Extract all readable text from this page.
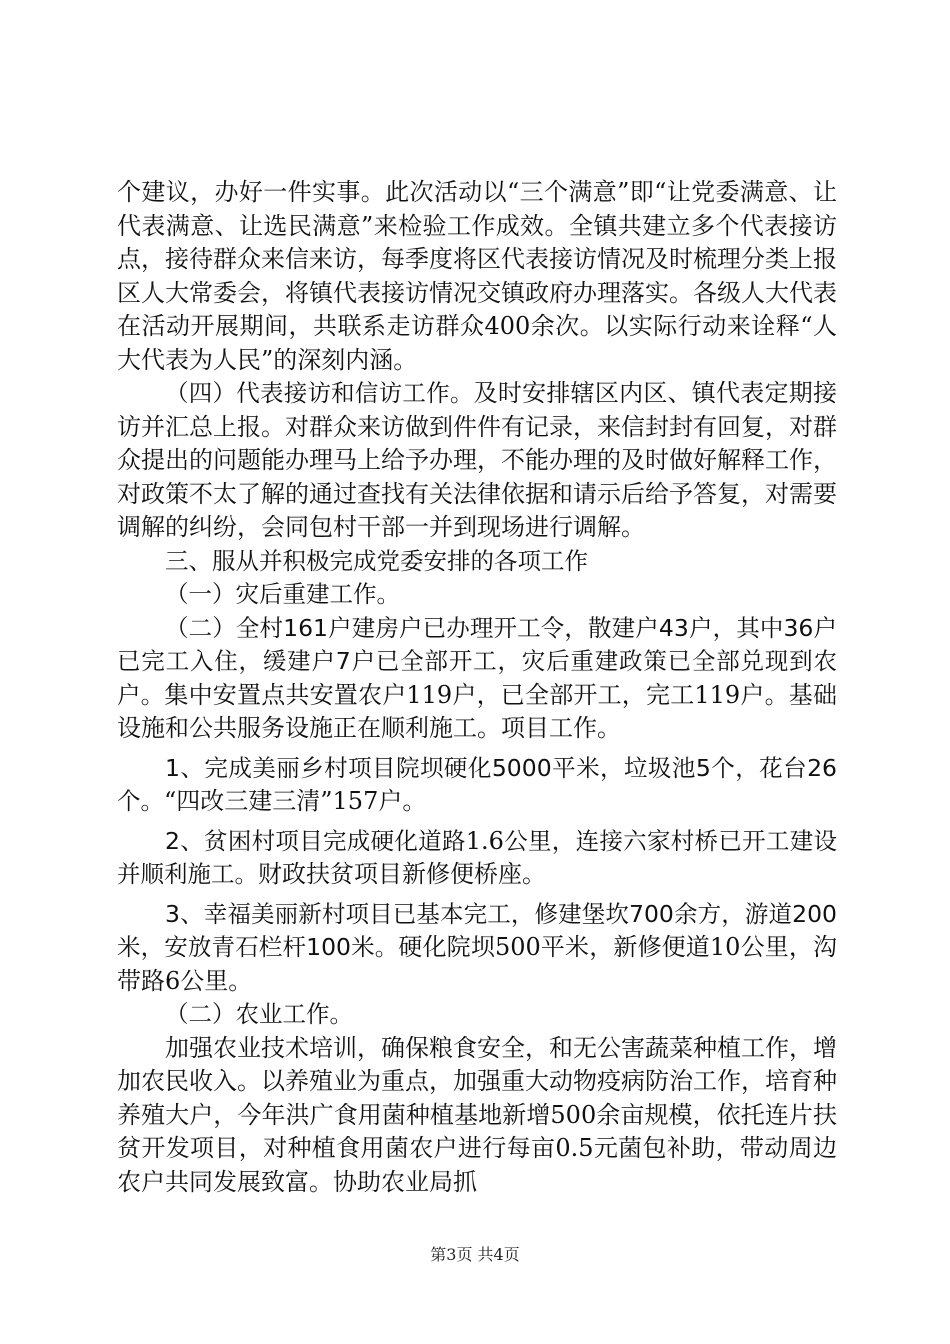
个建议，办好一件实事。此次活动以“三个满意”即“让党委满意、让代表满意、让选民满意”来检验工作成效。全镇共建立多个代表接访点，接待群众来信来访，每季度将区代表接访情况及时梳理分类上报区人大常委会，将镇代表接访情况交镇政府办理落实。各级人大代表在活动开展期间，共联系走访群众400余次。以实际行动来诠释“人大代表为人民”的深刻内涵。

（四）代表接访和信访工作。及时安排辖区内区、镇代表定期接访并汇总上报。对群众来访做到件件有记录，来信封封有回复，对群众提出的问题能办理马上给予办理，不能办理的及时做好解释工作，对政策不太了解的通过查找有关法律依据和请示后给予答复，对需要调解的纠纷，会同包村干部一并到现场进行调解。

三、服从并积极完成党委安排的各项工作

（一）灾后重建工作。

（二）全村161户建房户已办理开工令，散建户43户，其中36户已完工入住，缓建户7户已全部开工，灾后重建政策已全部兑现到农户。集中安置点共安置农户119户，已全部开工，完工119户。基础设施和公共服务设施正在顺利施工。项目工作。

1、完成美丽乡村项目院坝硬化5000平米，垃圾池5个，花台26个。“四改三建三清”157户。

2、贫困村项目完成硬化道路1.6公里，连接六家村桥已开工建设并顺利施工。财政扶贫项目新修便桥座。

3、幸福美丽新村项目已基本完工，修建堡坎700余方，游道200米，安放青石栏杆100米。硬化院坝500平米，新修便道10公里，沟带路6公里。

（二）农业工作。

加强农业技术培训，确保粮食安全，和无公害蔬菜种植工作，增加农民收入。以养殖业为重点，加强重大动物疫病防治工作，培育种养殖大户，今年洪广食用菌种植基地新增500余亩规模，依托连片扶贫开发项目，对种植食用菌农户进行每亩0.5元菌包补助，带动周边农户共同发展致富。协助农业局抓

第3页 共4页
